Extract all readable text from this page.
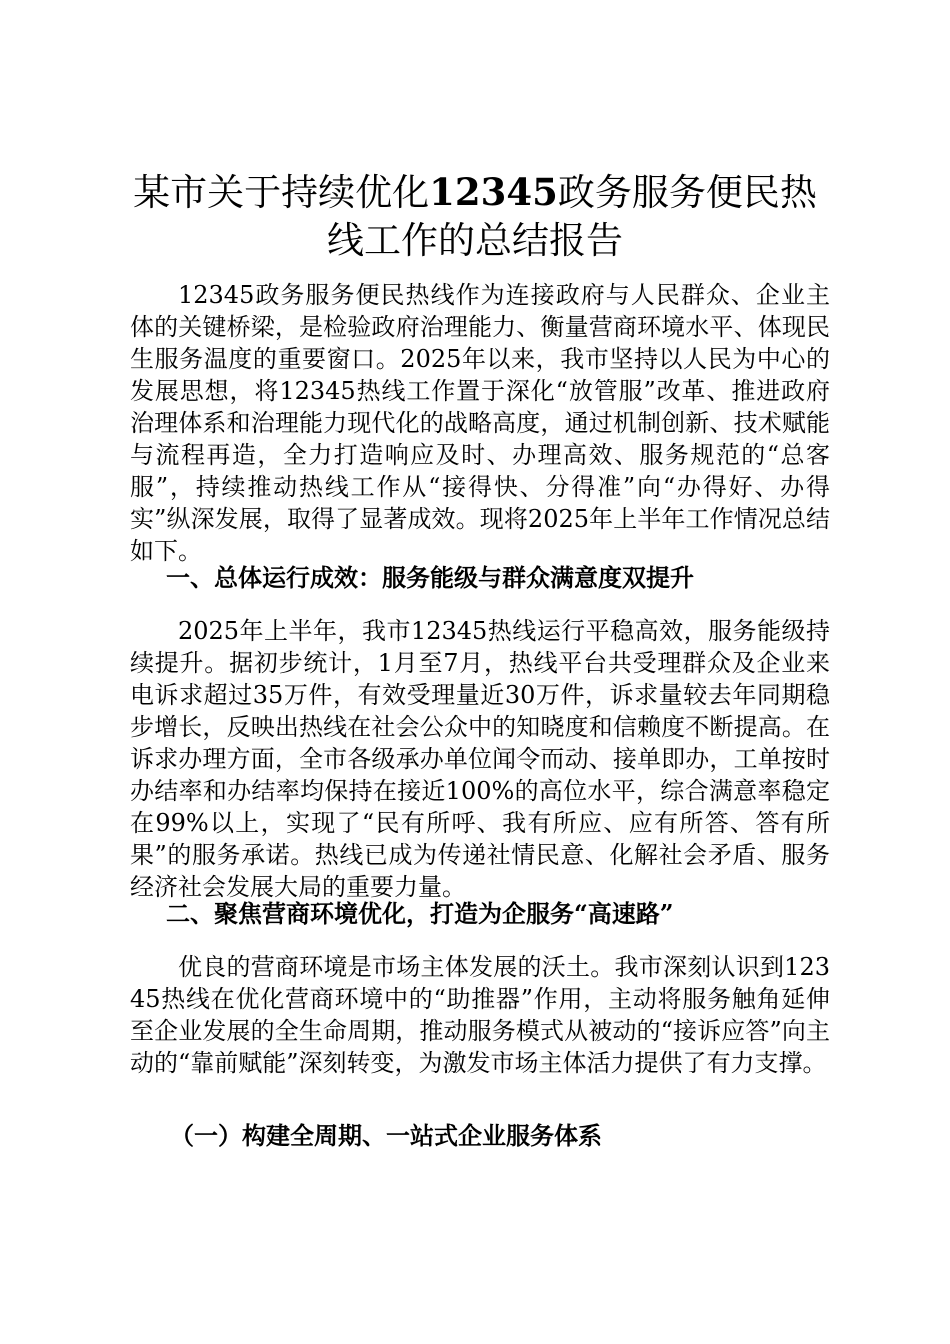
某市关于持续优化12345政务服务便民热线工作的总结报告

12345政务服务便民热线作为连接政府与人民群众、企业主体的关键桥梁，是检验政府治理能力、衡量营商环境水平、体现民生服务温度的重要窗口。2025年以来，我市坚持以人民为中心的发展思想，将12345热线工作置于深化“放管服”改革、推进政府治理体系和治理能力现代化的战略高度，通过机制创新、技术赋能与流程再造，全力打造响应及时、办理高效、服务规范的“总客服”，持续推动热线工作从“接得快、分得准”向“办得好、办得实”纵深发展，取得了显著成效。现将2025年上半年工作情况总结如下。

一、总体运行成效：服务能级与群众满意度双提升

2025年上半年，我市12345热线运行平稳高效，服务能级持续提升。据初步统计，1月至7月，热线平台共受理群众及企业来电诉求超过35万件，有效受理量近30万件，诉求量较去年同期稳步增长，反映出热线在社会公众中的知晓度和信赖度不断提高。在诉求办理方面，全市各级承办单位闻令而动、接单即办，工单按时办结率和办结率均保持在接近100%的高位水平，综合满意率稳定在99%以上，实现了“民有所呼、我有所应、应有所答、答有所果”的服务承诺。热线已成为传递社情民意、化解社会矛盾、服务经济社会发展大局的重要力量。

二、聚焦营商环境优化，打造为企服务“高速路”

优良的营商环境是市场主体发展的沃土。我市深刻认识到12345热线在优化营商环境中的“助推器”作用，主动将服务触角延伸至企业发展的全生命周期，推动服务模式从被动的“接诉应答”向主动的“靠前赋能”深刻转变，为激发市场主体活力提供了有力支撑。

（一）构建全周期、一站式企业服务体系
